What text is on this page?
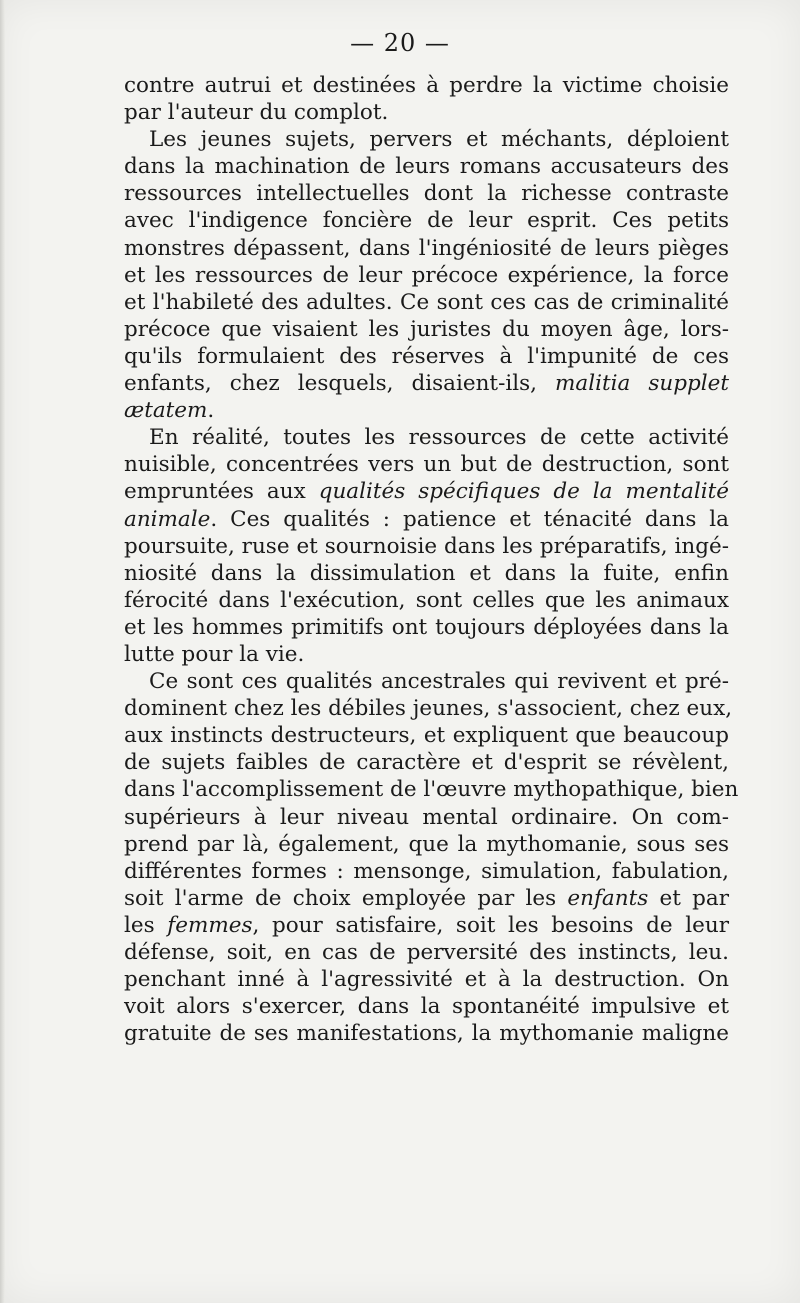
— 20 —
contre autrui et destinées à perdre la victime choisie
par l'auteur du complot.
Les jeunes sujets, pervers et méchants, déploient
dans la machination de leurs romans accusateurs des
ressources intellectuelles dont la richesse contraste
avec l'indigence foncière de leur esprit. Ces petits
monstres dépassent, dans l'ingéniosité de leurs pièges
et les ressources de leur précoce expérience, la force
et l'habileté des adultes. Ce sont ces cas de criminalité
précoce que visaient les juristes du moyen âge, lors-
qu'ils formulaient des réserves à l'impunité de ces
enfants, chez lesquels, disaient-ils, malitia supplet
ætatem.
En réalité, toutes les ressources de cette activité
nuisible, concentrées vers un but de destruction, sont
empruntées aux qualités spécifiques de la mentalité
animale. Ces qualités : patience et ténacité dans la
poursuite, ruse et sournoisie dans les préparatifs, ingé-
niosité dans la dissimulation et dans la fuite, enfin
férocité dans l'exécution, sont celles que les animaux
et les hommes primitifs ont toujours déployées dans la
lutte pour la vie.
Ce sont ces qualités ancestrales qui revivent et pré-
dominent chez les débiles jeunes, s'associent, chez eux,
aux instincts destructeurs, et expliquent que beaucoup
de sujets faibles de caractère et d'esprit se révèlent,
dans l'accomplissement de l'œuvre mythopathique, bien
supérieurs à leur niveau mental ordinaire. On com-
prend par là, également, que la mythomanie, sous ses
différentes formes : mensonge, simulation, fabulation,
soit l'arme de choix employée par les enfants et par
les femmes, pour satisfaire, soit les besoins de leur
défense, soit, en cas de perversité des instincts, leu.
penchant inné à l'agressivité et à la destruction. On
voit alors s'exercer, dans la spontanéité impulsive et
gratuite de ses manifestations, la mythomanie maligne
